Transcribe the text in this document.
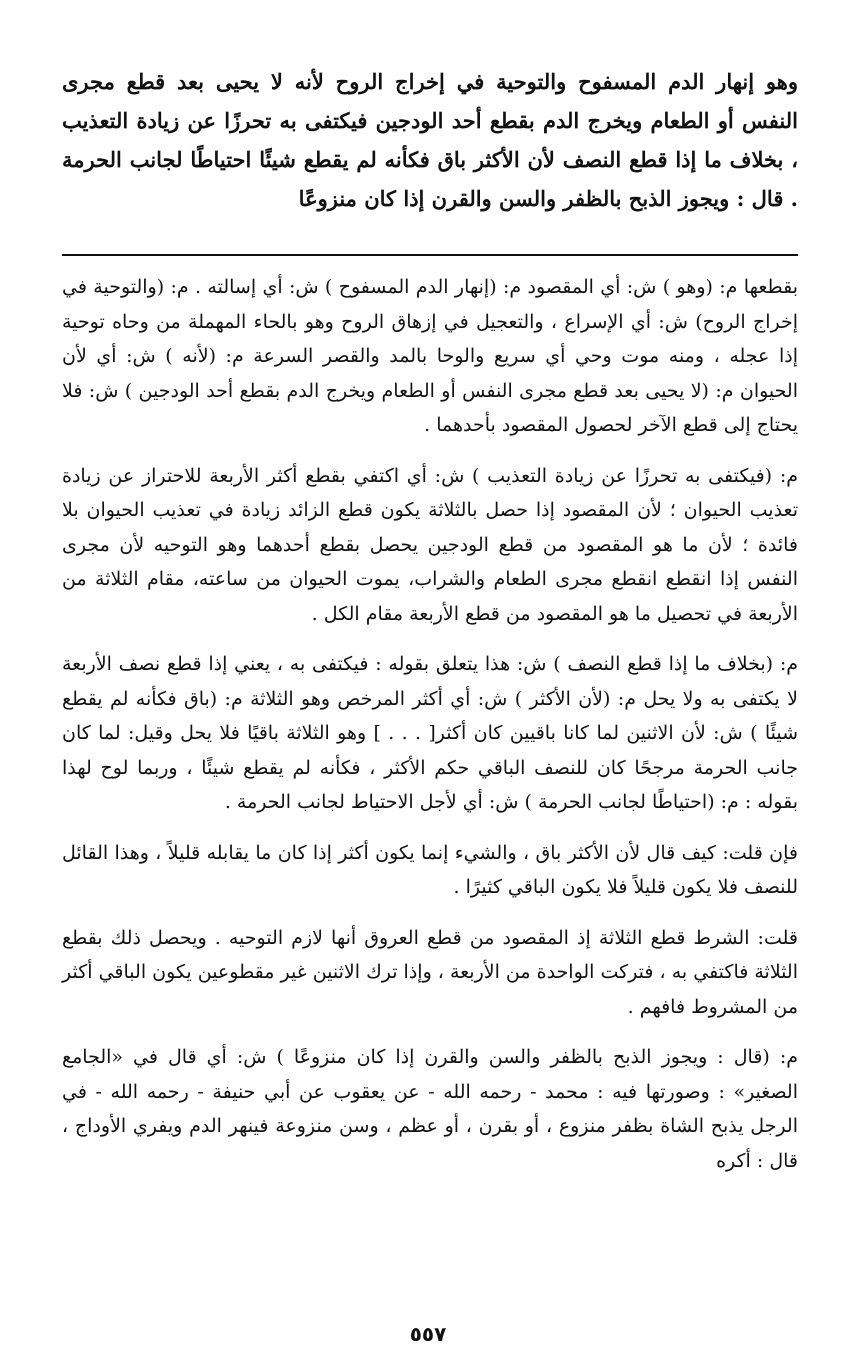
وهو إنهار الدم المسفوح والتوحية في إخراج الروح لأنه لا يحيى بعد قطع مجرى النفس أو الطعام ويخرج الدم بقطع أحد الودجين فيكتفى به تحرزًا عن زيادة التعذيب ، بخلاف ما إذا قطع النصف لأن الأكثر باق فكأنه لم يقطع شيئًا احتياطًا لجانب الحرمة . قال : ويجوز الذبح بالظفر والسن والقرن إذا كان منزوعًا

بقطعها م: (وهو ) ش: أي المقصود م: (إنهار الدم المسفوح ) ش: أي إسالته . م: (والتوحية في إخراج الروح) ش: أي الإسراع ، والتعجيل في إزهاق الروح وهو بالحاء المهملة من وحاه توحية إذا عجله ، ومنه موت وحي أي سريع والوحا بالمد والقصر السرعة م: (لأنه ) ش: أي لأن الحيوان م: (لا يحيى بعد قطع مجرى النفس أو الطعام ويخرج الدم بقطع أحد الودجين ) ش: فلا يحتاج إلى قطع الآخر لحصول المقصود بأحدهما .

م: (فيكتفى به تحرزًا عن زيادة التعذيب ) ش: أي اكتفي بقطع أكثر الأربعة للاحتراز عن زيادة تعذيب الحيوان ؛ لأن المقصود إذا حصل بالثلاثة يكون قطع الزائد زيادة في تعذيب الحيوان بلا فائدة ؛ لأن ما هو المقصود من قطع الودجين يحصل بقطع أحدهما وهو التوحيه لأن مجرى النفس إذا انقطع انقطع مجرى الطعام والشراب، يموت الحيوان من ساعته، مقام الثلاثة من الأربعة في تحصيل ما هو المقصود من قطع الأربعة مقام الكل .

م: (بخلاف ما إذا قطع النصف ) ش: هذا يتعلق بقوله : فيكتفى به ، يعني إذا قطع نصف الأربعة لا يكتفى به ولا يحل م: (لأن الأكثر ) ش: أي أكثر المرخص وهو الثلاثة م: (باق فكأنه لم يقطع شيئًا ) ش: لأن الاثنين لما كانا باقيين كان أكثر[ . . . ] وهو الثلاثة باقيًا فلا يحل وقيل: لما كان جانب الحرمة مرجحًا كان للنصف الباقي حكم الأكثر ، فكأنه لم يقطع شيئًا ، وربما لوح لهذا بقوله : م: (احتياطًا لجانب الحرمة ) ش: أي لأجل الاحتياط لجانب الحرمة .

فإن قلت: كيف قال لأن الأكثر باق ، والشيء إنما يكون أكثر إذا كان ما يقابله قليلاً ، وهذا القائل للنصف فلا يكون قليلاً فلا يكون الباقي كثيرًا .

قلت: الشرط قطع الثلاثة إذ المقصود من قطع العروق أنها لازم التوحيه . ويحصل ذلك بقطع الثلاثة فاكتفي به ، فتركت الواحدة من الأربعة ، وإذا ترك الاثنين غير مقطوعين يكون الباقي أكثر من المشروط فافهم .

م: (قال : ويجوز الذبح بالظفر والسن والقرن إذا كان منزوعًا ) ش: أي قال في «الجامع الصغير» : وصورتها فيه : محمد - رحمه الله - عن يعقوب عن أبي حنيفة - رحمه الله - في الرجل يذبح الشاة بظفر منزوع ، أو بقرن ، أو عظم ، وسن منزوعة فينهر الدم ويفري الأوداج ، قال : أكره

٥٥٧
